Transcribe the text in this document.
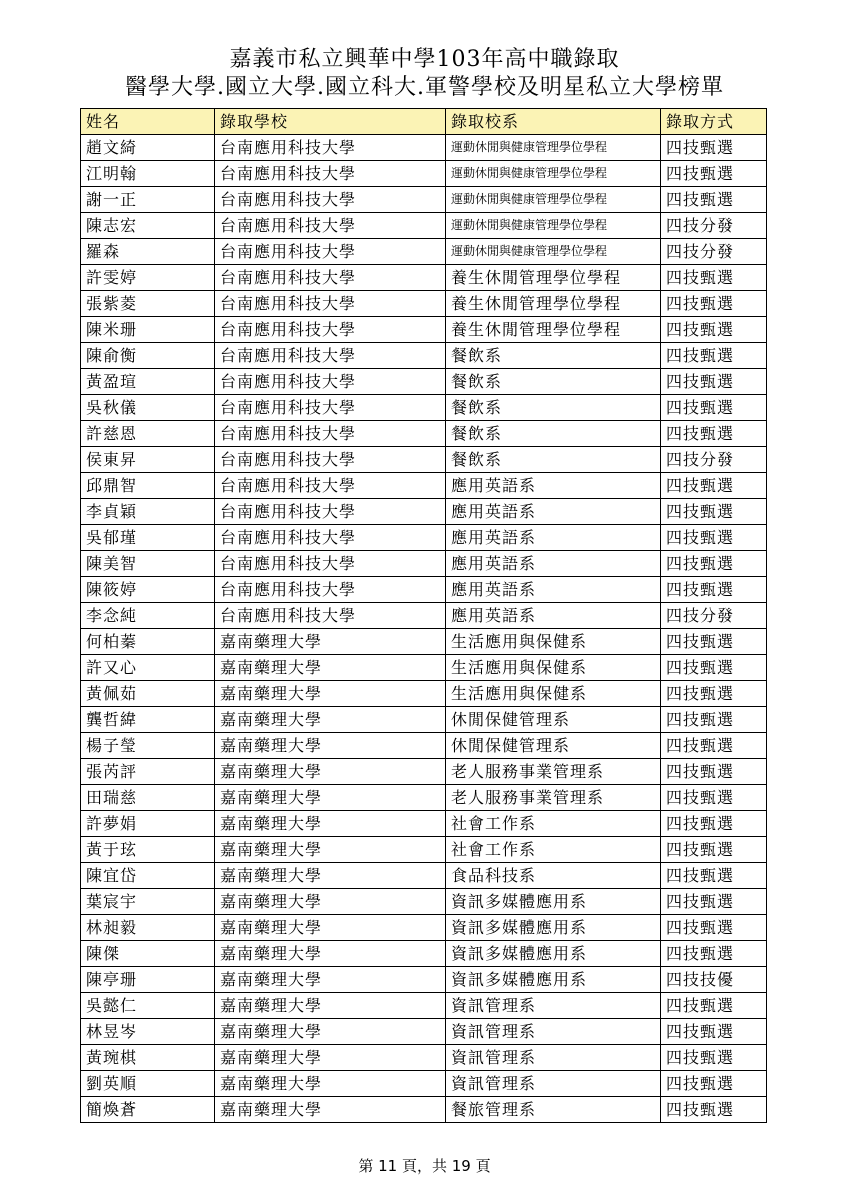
嘉義市私立興華中學103年高中職錄取
醫學大學.國立大學.國立科大.軍警學校及明星私立大學榜單
姓名	錄取學校	錄取校系	錄取方式
趙文綺	台南應用科技大學	運動休閒與健康管理學位學程	四技甄選
江明翰	台南應用科技大學	運動休閒與健康管理學位學程	四技甄選
謝一正	台南應用科技大學	運動休閒與健康管理學位學程	四技甄選
陳志宏	台南應用科技大學	運動休閒與健康管理學位學程	四技分發
羅森	台南應用科技大學	運動休閒與健康管理學位學程	四技分發
許雯婷	台南應用科技大學	養生休閒管理學位學程	四技甄選
張紫菱	台南應用科技大學	養生休閒管理學位學程	四技甄選
陳米珊	台南應用科技大學	養生休閒管理學位學程	四技甄選
陳俞衡	台南應用科技大學	餐飲系	四技甄選
黃盈瑄	台南應用科技大學	餐飲系	四技甄選
吳秋儀	台南應用科技大學	餐飲系	四技甄選
許慈恩	台南應用科技大學	餐飲系	四技甄選
侯東昇	台南應用科技大學	餐飲系	四技分發
邱鼎智	台南應用科技大學	應用英語系	四技甄選
李貞穎	台南應用科技大學	應用英語系	四技甄選
吳郁瑾	台南應用科技大學	應用英語系	四技甄選
陳美智	台南應用科技大學	應用英語系	四技甄選
陳筱婷	台南應用科技大學	應用英語系	四技甄選
李念純	台南應用科技大學	應用英語系	四技分發
何柏蓁	嘉南藥理大學	生活應用與保健系	四技甄選
許又心	嘉南藥理大學	生活應用與保健系	四技甄選
黃佩茹	嘉南藥理大學	生活應用與保健系	四技甄選
龔哲緯	嘉南藥理大學	休閒保健管理系	四技甄選
楊子瑩	嘉南藥理大學	休閒保健管理系	四技甄選
張芮評	嘉南藥理大學	老人服務事業管理系	四技甄選
田瑞慈	嘉南藥理大學	老人服務事業管理系	四技甄選
許夢娟	嘉南藥理大學	社會工作系	四技甄選
黃于玹	嘉南藥理大學	社會工作系	四技甄選
陳宜岱	嘉南藥理大學	食品科技系	四技甄選
葉宸宇	嘉南藥理大學	資訊多媒體應用系	四技甄選
林昶毅	嘉南藥理大學	資訊多媒體應用系	四技甄選
陳傑	嘉南藥理大學	資訊多媒體應用系	四技甄選
陳亭珊	嘉南藥理大學	資訊多媒體應用系	四技技優
吳懿仁	嘉南藥理大學	資訊管理系	四技甄選
林昱岑	嘉南藥理大學	資訊管理系	四技甄選
黃琬棋	嘉南藥理大學	資訊管理系	四技甄選
劉英順	嘉南藥理大學	資訊管理系	四技甄選
簡煥蒼	嘉南藥理大學	餐旅管理系	四技甄選
第 11 頁，共 19 頁
